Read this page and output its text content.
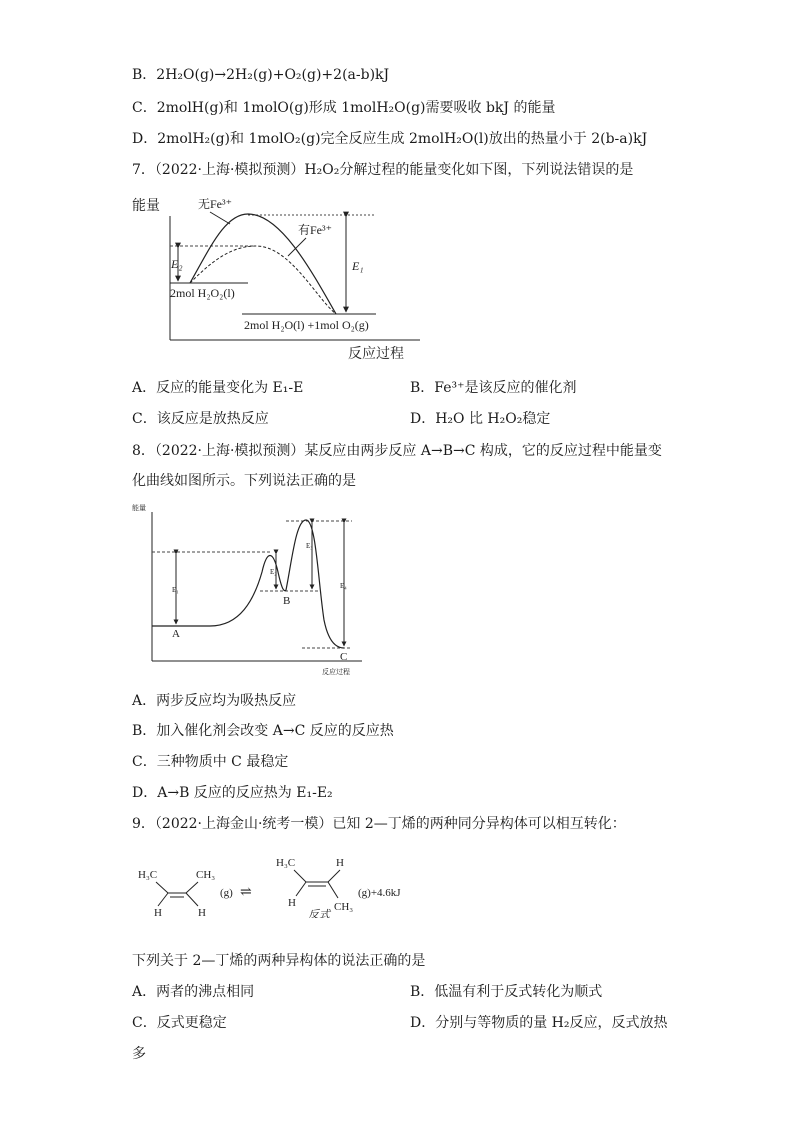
B．2H₂O(g)→2H₂(g)+O₂(g)+2(a-b)kJ
C．2molH(g)和 1molO(g)形成 1molH₂O(g)需要吸收 bkJ 的能量
D．2molH₂(g)和 1molO₂(g)完全反应生成 2molH₂O(l)放出的热量小于 2(b-a)kJ
7．（2022·上海·模拟预测）H₂O₂分解过程的能量变化如下图，下列说法错误的是
能量
反应过程
E₂	E₁
无Fe³⁺
有Fe³⁺
2mol H₂O₂(l)
2mol H₂O(l) +1mol O₂(g)
A．反应的能量变化为 E₁-E	B．Fe³⁺是该反应的催化剂
C．该反应是放热反应	D．H₂O 比 H₂O₂稳定
8．（2022·上海·模拟预测）某反应由两步反应 A→B→C 构成，它的反应过程中能量变
化曲线如图所示。下列说法正确的是
能量
反应过程
E₁
E₂
E₃
E₄
A
B
C
A．两步反应均为吸热反应
B．加入催化剂会改变 A→C 反应的反应热
C．三种物质中 C 最稳定
D．A→B 反应的反应热为 E₁-E₂
9．（2022·上海金山·统考一模）已知 2—丁烯的两种同分异构体可以相互转化：
H₃C	CH₃
H	H
(g) ⇌
H₃C	H
H	CH₃
(g)+4.6kJ
反式
下列关于 2—丁烯的两种异构体的说法正确的是
A．两者的沸点相同	B．低温有利于反式转化为顺式
C．反式更稳定	D．分别与等物质的量 H₂反应，反式放热
多
